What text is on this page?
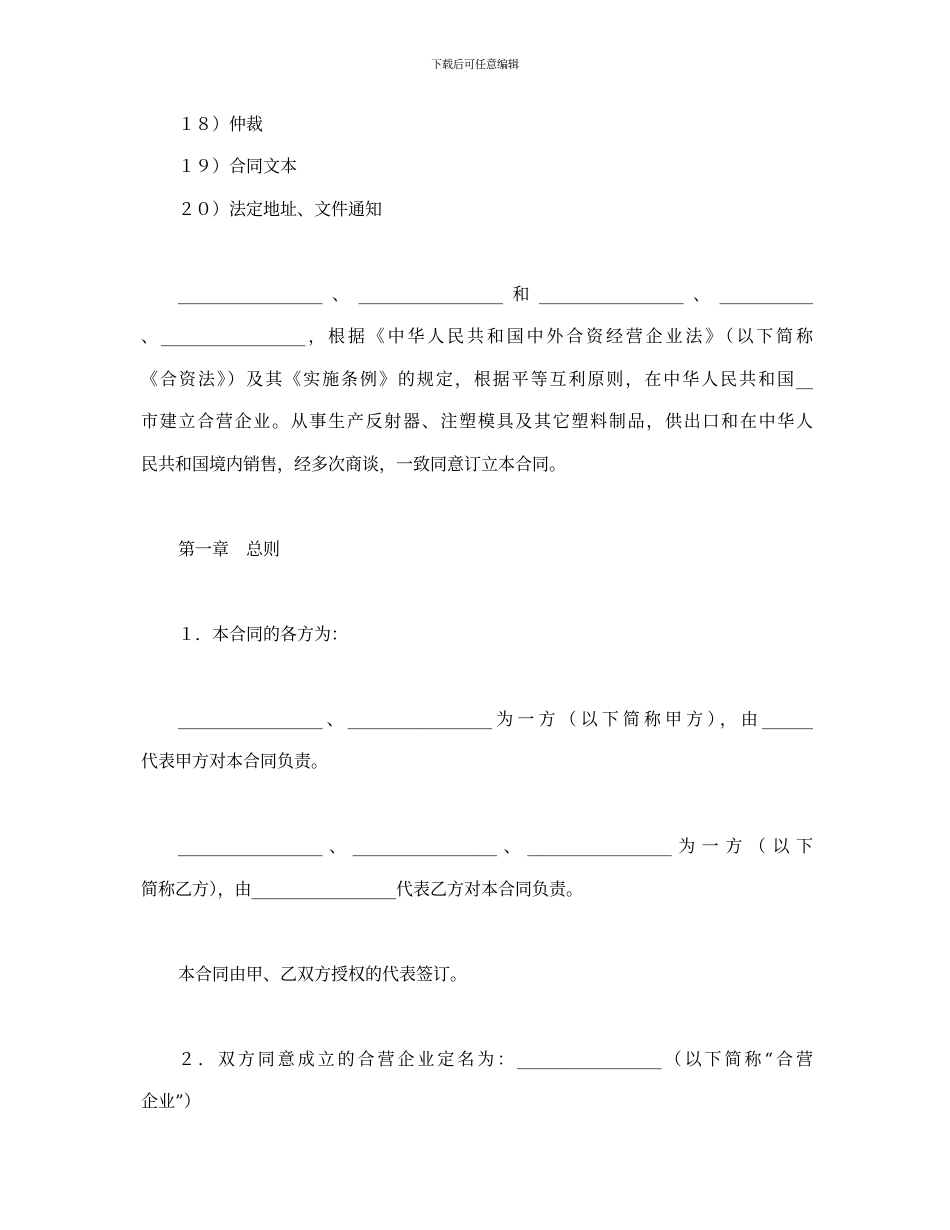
下载后可任意编辑
１８）仲裁
１９）合同文本
２０）法定地址、文件通知
_________________、_________________和_________________、___________
、_________________，根据《中华人民共和国中外合资经营企业法》（以下简称
《合资法》）及其《实施条例》的规定，根据平等互利原则，在中华人民共和国__
市建立合营企业。从事生产反射器、注塑模具及其它塑料制品，供出口和在中华人
民共和国境内销售，经多次商谈，一致同意订立本合同。
第一章　总则
１．本合同的各方为：
_________________、_________________为一方（以下简称甲方），由______
代表甲方对本合同负责。
_________________、_________________、_________________为一方（以下
简称乙方），由_________________代表乙方对本合同负责。
本合同由甲、乙双方授权的代表签订。
２．双方同意成立的合营企业定名为：_________________（以下简称“合营
企业”）
